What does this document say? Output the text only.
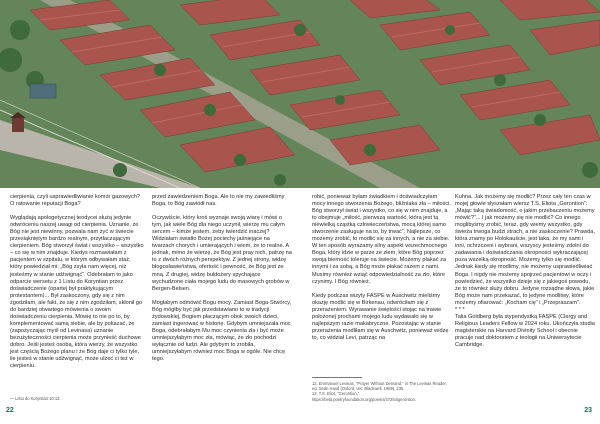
cierpienia, czyli usprawiedliwianie komór gazowych? O ratowanie reputacji Boga?

Wyglądają apologetycznej teodycei służą jedynie odwróceniu naszej uwagi od cierpienia. Uznanie, że Bóg nie jest niewinny, pozwala nam żyć w świecie przesiąkniętym bardzo realnym, przytłaczającym cierpieniem. Bóg stworzył świat i wszystko – wszystko – co się w nim znajduje. Kiedys rozmawiałam z pacjentem w szpitalu, w którym odbywałam staż, który powiedział mi: „Bóg zsyła nam więcej, niż jesteśmy w stanie udźwignąć”. Odebrałam to jako odparcie wersetu z 1 Listu do Koryntian przez doświadczenie (opartej był praktykującym protestantem)... Był zaskoczony, gdy się z nim zgodziłam, ale fakt, że się z nim zgodziłam, skłonił go do bardziej otwartego mówienia o swoim doświadczeniu cierpienia. Mówię to nie po to, by komplementować samą siebie, ale by pokazać, że (zapożyczając myśl od Levinasa) uznanie bezużyteczności cierpienia może przynieść duchowe dobro. Jeśli jesteś osobą, która wierzy, że wszystko jest częścią Bożego planu i że Bóg daje ci tylko tyle, ile jesteś w stanie udźwignąć, może ulżeć ci też w cierpieniu.
przed zawiedzeniem Boga. Ale to nie my zawiedliśmy Boga, to Bóg zawiódł nas.

Oczywiście, który kroś wyznaje swoją wiarę i mówi o tym, jak wiele Bóg dla niego uczynił, wierzę mu całym sercem – kimże jestem, żeby twierdzić inaczej? Widziałam światło Bożej pociechy jaśniejące na twarzach chorych i umierających i wiem, że to realne. A jednak, mimo że wierzę, że Bóg jest pray nich, patrzę na to z dwóch różnych perspektyw. Z jednej strony, widzę błogosławieństwa, ofertość i pewność, że Bóg jest ze mną. Z drugiej, widzę buldożery spychające wychudzone ciała mojego ludu do masowych grobów w Bergen-Belsen.

Mogłabym odmówić Bogu mocy. Zamiast Boga-Stwórcy, Bóg mógłby być jak przedstawiano to w tradycji żydowskiej, Bogiem płaczącym obok swoich dzieci, zamiast ingerować w historię. Gdybym umniejszała moc Boga, odebrałabym Mu moc czynienia zła i być może umniejszyłabym moc zła, mówiąc, że zło pochodzi wyłącznie od ludzi. Ale gdybym to zrobiła, umniejszyłabym również moc Boga w ogóle. Nie chcę tego.
robić, ponieważ byłam świadkiem i doświadczyłam mocy innego stworzenia Bożego, bliźniaka zła – miłości. Bóg stworzył świat i wszystko, co się w nim znajduje, a to obejmuje „miłość, pierwszą wartość, która jest tą niewielką cząstką człowieczeństwa, mocą której samo stworzenie zasługuje na to, by trwać”. Najlepsze, co możemy zrobić, to modlić się za innych, a nie za siebie. W ten sposób wyrażamy silny aspekt wszechmocnego Boga, który idzie w parze ze złem, które Bóg poprzez swoją bierność toleruje na świecie. Możemy płakać za innymi i za sobą, a Bóg może płakać razem z nami. Musimy również wziąć odpowiedzialność za zło, które czynimy. I Bóg również.

Kiedy podczas wizyty FASPE w Auschwitz mieliśmy okazję modlić się w Birkenau, odwróciłam się z przerażeniem. Wyrawanie świętości stojąc na trawie położonej prochami mojego ludu wydawało się w najlepszym razie makabryczne. Pozostając w stanie przerażenia modliłam się w Auschwitz, ponieważ widzę to, co widział Levi, patrząc na
Kuhna. Jak możemy się modlić? Przez cały ten czas w mojej głowie słyszałam wiersz T.S. Eliota „Gerontion”: „Mając taką świadomość, o jakim przebaczeniu możemy mówić?”... I jak możemy się nie modlić? Co innego moglibyśmy zrobić, teraz, gdy wiemy wszystko, gdy świeża trwoga budzi strach, a nie zaskoczenie? Prawda, która znamy po Holokauście, jest taka, że my sami i inni, ochrzczeni i wybrani, wszyscy jesteśmy zdolni do zadawania i doświadczania okropności wykraczającej poza wszelką okropność. Możemy tylko się modlić. Jednak kiedy się modlimy, nie możemy usprawiedliwiać Boga. I nigdy nie możemy spojrzeć pacjentowi w oczy i powiedzieć, że wszystko dzieje się z jakiegoś powodu, że to również służy dobru. Jedyne rozsądne słowa, jakie Bóg może nam przekazać, to jedyne modlitwy, które możemy ofiarować: „Kocham cię” i „Przepraszam”.
* * *
Talia Goldberg była stypendystką FASPE (Clergy and Religious Leaders Fellow w 2024 roku. Ukończyła studia magisterskie na Harvard Divinity School i obecnie pracuje nad doktoratem z teologii na Uniwersytecie Cambridge.
— Listu do Koryntian 10:13.
12. Emmanuel Levinas, "Prayer Without Demand," in The Levinas Reader, ed. Seán Hand (Oxford, UK: Blackwell, 1989), 235.
13. T.S. Eliot, "Gerontion," https://beta.poetryfoundation.org/poems/47254/gerontion.
22	23
